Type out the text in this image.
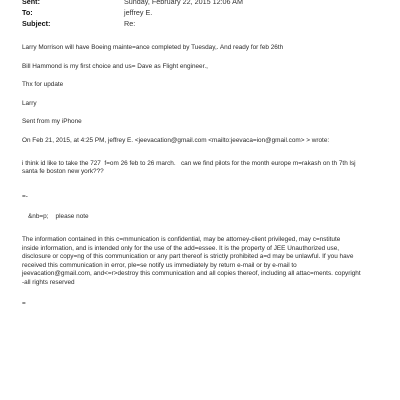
Sent:	Sunday, February 22, 2015 12:06 AM
To:	jeffrey E.
Subject:	Re:

Larry Morrison will have Boeing mainte=ance completed by Tuesday,. And ready for feb 26th

Bill Hammond is my first choice and us= Dave as Flight engineer.,

Thx for update

Larry

Sent from my iPhone

On Feb 21, 2015, at 4:25 PM, jeffrey E. <jeevacation@gmail.com <mailto:jeevaca=ion@gmail.com> > wrote:

i think id like to take the 727  f=om 26 feb to 26 march.   can we find pilots for the month europe m=rakash on th 7th lsj

santa fe boston new york???

=-

&nb=p;    please note

The information contained in this c=mmunication is confidential, may be attorney-client privileged, may c=nstitute

inside information, and is intended only for the use of the add=essee. It is the property of JEE Unauthorized use,

disclosure or copy=ng of this communication or any part thereof is strictly prohibited a=d may be unlawful. If you have

received this communication in error, ple=se notify us immediately by return e-mail or by e-mail to

jeevacation@gmail.com, and<=r>destroy this communication and all copies thereof, including all attac=ments. copyright

-all rights reserved

=
